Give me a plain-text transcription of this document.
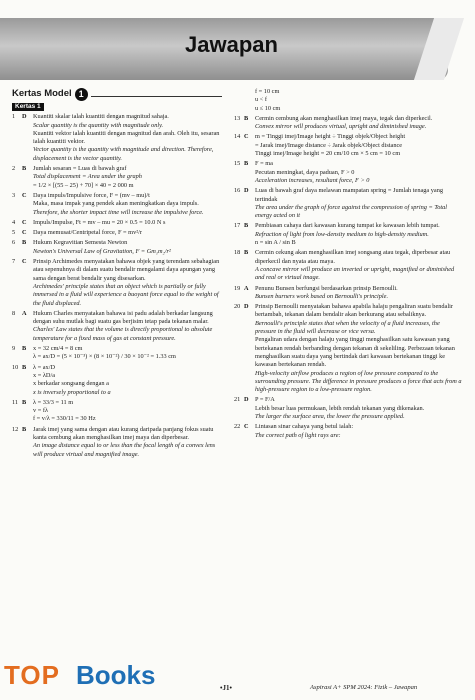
Jawapan
Kertas Model 1
Kertas 1
1	D	Kuantiti skalar ialah kuantiti dengan magnitud sahaja.
Scalar quantity is the quantity with magnitude only.
Kuantiti vektor ialah kuantiti dengan magnitud dan arah. Oleh itu, sesaran ialah kuantiti vektor.
Vector quantity is the quantity with magnitude and direction. Therefore, displacement is the vector quantity.
2	B	Jumlah sesaran = Luas di bawah graf
Total displacement = Area under the graph
= 1/2 × [(55 – 25) + 70] × 40 = 2 000 m
3	C	Daya impuls/Impulsive force, F = (mv – mu)/t
Maka, masa impak yang pendek akan meningkatkan daya impuls.
Therefore, the shorter impact time will increase the impulsive force.
4	C	Impuls/Impulse, Ft = mv – mu = 20 × 0.5 = 10.0 N s
5	C	Daya memusat/Centripetal force, F = mv²/r
6	B	Hukum Kegravitian Semesta Newton
Newton's Universal Law of Gravitation, F = Gm₁m₂/r²
7	C	Prinsip Archimedes menyatakan bahawa objek yang terendam sebahagian atau sepenuhnya di dalam suatu bendalir mengalami daya apungan yang sama dengan berat bendalir yang disesarkan.
Archimedes' principle states that an object which is partially or fully immersed in a fluid will experience a buoyant force equal to the weight of the fluid displaced.
8	A	Hukum Charles menyatakan bahawa isi padu adalah berkadar langsung dengan suhu mutlak bagi suatu gas berjisim tetap pada tekanan malar.
Charles' Law states that the volume is directly proportional to absolute temperature for a fixed mass of gas at constant pressure.
9	B	x = 32 cm/4 = 8 cm
λ = ax/D = (5 × 10⁻³) × (8 × 10⁻²) / 30 × 10⁻² = 1.33 cm
10 B	λ = ax/D
x = λD/a
x berkadar songsang dengan a
x is inversely proportional to a
11 B	λ = 33/3 = 11 m
v = fλ
f = v/λ = 330/11 = 30 Hz
12 B	Jarak imej yang sama dengan atau kurang daripada panjang fokus suatu kanta cembung akan menghasilkan imej maya dan diperbesar.
An image distance equal to or less than the focal length of a convex lens will produce virtual and magnified image.
f = 10 cm
u < f
u ≤ 10 cm
13 B	Cermin cembung akan menghasilkan imej maya, tegak dan diperkecil.
Convex mirror will produces virtual, upright and diminished image.
14 C	m = Tinggi imej/Image height ÷ Tinggi objek/Object height
= Jarak imej/Image distance ÷ Jarak objek/Object distance
Tinggi imej/Image height = 20 cm/10 cm × 5 cm = 10 cm
15 B	F = ma
Pecutan meningkat, daya paduan, F > 0
Acceleration increases, resultant force, F > 0
16 D	Luas di bawah graf daya melawan mampatan spring = Jumlah tenaga yang tertindak
The area under the graph of force against the compression of spring = Total energy acted on it
17 B	Pembiasan cahaya dari kawasan kurang tumpat ke kawasan lebih tumpat.
Refraction of light from low-density medium to high-density medium.
n = sin A / sin B
18 B	Cermin cekung akan menghasilkan imej songsang atau tegak, diperbesar atau diperkecil dan nyata atau maya.
A concave mirror will produce an inverted or upright, magnified or diminished and real or virtual image.
19 A	Penunu Bunsen berfungsi berdasarkan prinsip Bernoulli.
Bunsen burners work based on Bernoulli's principle.
20 D	Prinsip Bernoulli menyatakan bahawa apabila halaju pengaliran suatu bendalir bertambah, tekanan dalam bendalir akan berkurang atau sebaliknya.
Bernoulli's principle states that when the velocity of a fluid increases, the pressure in the fluid will decrease or vice versa.
Pengaliran udara dengan halaju yang tinggi menghasilkan satu kawasan yang bertekanan rendah berbanding dengan tekanan di sekeliling. Perbezaan tekanan menghasilkan suatu daya yang bertindak dari kawasan bertekanan tinggi ke kawasan bertekanan rendah.
High-velocity airflow produces a region of low pressure compared to the surrounding pressure. The difference in pressure produces a force that acts from a high-pressure region to a low-pressure region.
21 D	P = F/A
Lebih besar luas permukaan, lebih rendah tekanan yang dikenakan.
The larger the surface area, the lower the pressure applied.
22 C	Lintasan sinar cahaya yang betul ialah:
The correct path of light rays are:
TOP Books	•J1•	Aspirasi A+ SPM 2024: Fizik – Jawapan
